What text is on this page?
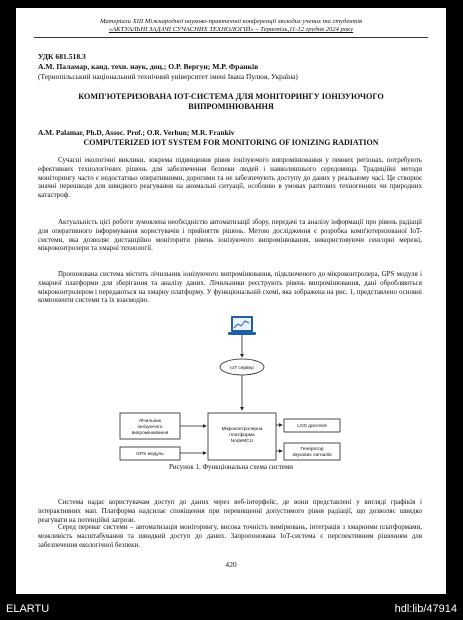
Матеріали XIII Міжнародної науково-практичної конференції молодих учених та студентів
«АКТУАЛЬНІ ЗАДАЧІ СУЧАСНИХ ТЕХНОЛОГІЙ» – Тернопіль,11-12 грудня 2024 року
УДК 681.518.3
А.М. Паламар, канд. техн. наук, доц.; О.Р. Вергун; М.Р. Франків
(Тернопільський національний технічний університет імені Івана Пулюя, Україна)
КОМП'ЮТЕРИЗОВАНА IOT-СИСТЕМА ДЛЯ МОНІТОРИНГУ ІОНІЗУЮЧОГО ВИПРОМІНЮВАННЯ
A.M. Palamar, Ph.D, Assoc. Prof.; O.R. Verhun; M.R. Frankiv
COMPUTERIZED IOT SYSTEM FOR MONITORING OF IONIZING RADIATION

Сучасні екологічні виклики, зокрема підвищення рівня іонізуючого випромінювання у певних регіонах, потребують ефективних технологічних рішень для забезпечення безпеки людей і навколишнього середовища. Традиційні методи моніторингу часто є недостатньо оперативними, дорогими та не забезпечують доступу до даних у реальному часі. Це створює значні перешкоди для швидкого реагування на аномальні ситуації, особливо в умовах раптових техногенних чи природних катастроф.

Актуальність цієї роботи зумовлена необхідністю автоматизації збору, передачі та аналізу інформації про рівень радіації для оперативного інформування користувачів і прийняття рішень. Метою дослідження є розробка комп'ютеризованої IoT-системи, яка дозволяє дистанційно моніторити рівень іонізуючого випромінювання, використовуючи сенсорні мережі, мікроконтролери та хмарні технології.

Пропонована система містить лічильник іонізуючого випромінювання, підключеного до мікроконтролера, GPS модуля і хмарної платформи для зберігання та аналізу даних. Лічильники реєструють рівень випромінювання, дані обробляються мікроконтролером і передаються на хмарну платформу. У функціональній схемі, яка зображена на рис. 1, представлено основні компоненти системи та їх взаємодію.

IoT сервер
Лічильник
іонізуючого
випромінювання
GPS модуль
Мікроконтролерна
платформа
NodeMCU
LCD дисплей
Генератор
звукових сигналів
Рисунок 1. Функціональна схема системи

Система надає користувачам доступ до даних через веб-інтерфейс, де вони представлені у вигляді графіків і інтерактивних мап. Платформа надсилає сповіщення при перевищенні допустимого рівня радіації, що дозволяє швидко реагувати на потенційні загрози.

Серед переваг системи – автоматизація моніторингу, висока точність вимірювань, інтеграція з хмарними платформами, можливість масштабування та швидкий доступ до даних. Запропонована IoT-система є перспективним рішенням для забезпечення екологічної безпеки.

420
ELARTU	hdl:lib/47914
